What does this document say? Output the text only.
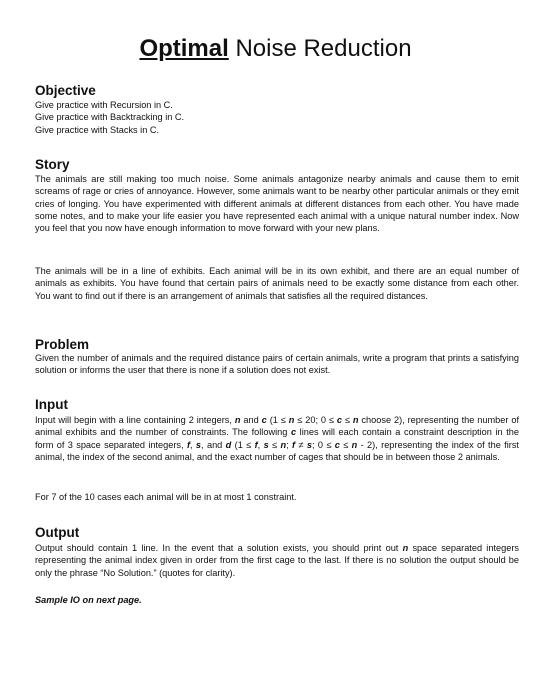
Optimal Noise Reduction
Objective

Give practice with Recursion in C.
Give practice with Backtracking in C.
Give practice with Stacks in C.

Story

The animals are still making too much noise. Some animals antagonize nearby animals and cause them to emit screams of rage or cries of annoyance. However, some animals want to be nearby other particular animals or they emit cries of longing. You have experimented with different animals at different distances from each other. You have made some notes, and to make your life easier you have represented each animal with a unique natural number index. Now you feel that you now have enough information to move forward with your new plans.

The animals will be in a line of exhibits. Each animal will be in its own exhibit, and there are an equal number of animals as exhibits. You have found that certain pairs of animals need to be exactly some distance from each other. You want to find out if there is an arrangement of animals that satisfies all the required distances.

Problem

Given the number of animals and the required distance pairs of certain animals, write a program that prints a satisfying solution or informs the user that there is none if a solution does not exist.

Input

Input will begin with a line containing 2 integers, n and c (1 ≤ n ≤ 20; 0 ≤ c ≤ n choose 2), representing the number of animal exhibits and the number of constraints. The following c lines will each contain a constraint description in the form of 3 space separated integers, f, s, and d (1 ≤ f, s ≤ n; f ≠ s; 0 ≤ c ≤ n - 2), representing the index of the first animal, the index of the second animal, and the exact number of cages that should be in between those 2 animals.

For 7 of the 10 cases each animal will be in at most 1 constraint.

Output

Output should contain 1 line. In the event that a solution exists, you should print out n space separated integers representing the animal index given in order from the first cage to the last. If there is no solution the output should be only the phrase “No Solution.” (quotes for clarity).

Sample IO on next page.
